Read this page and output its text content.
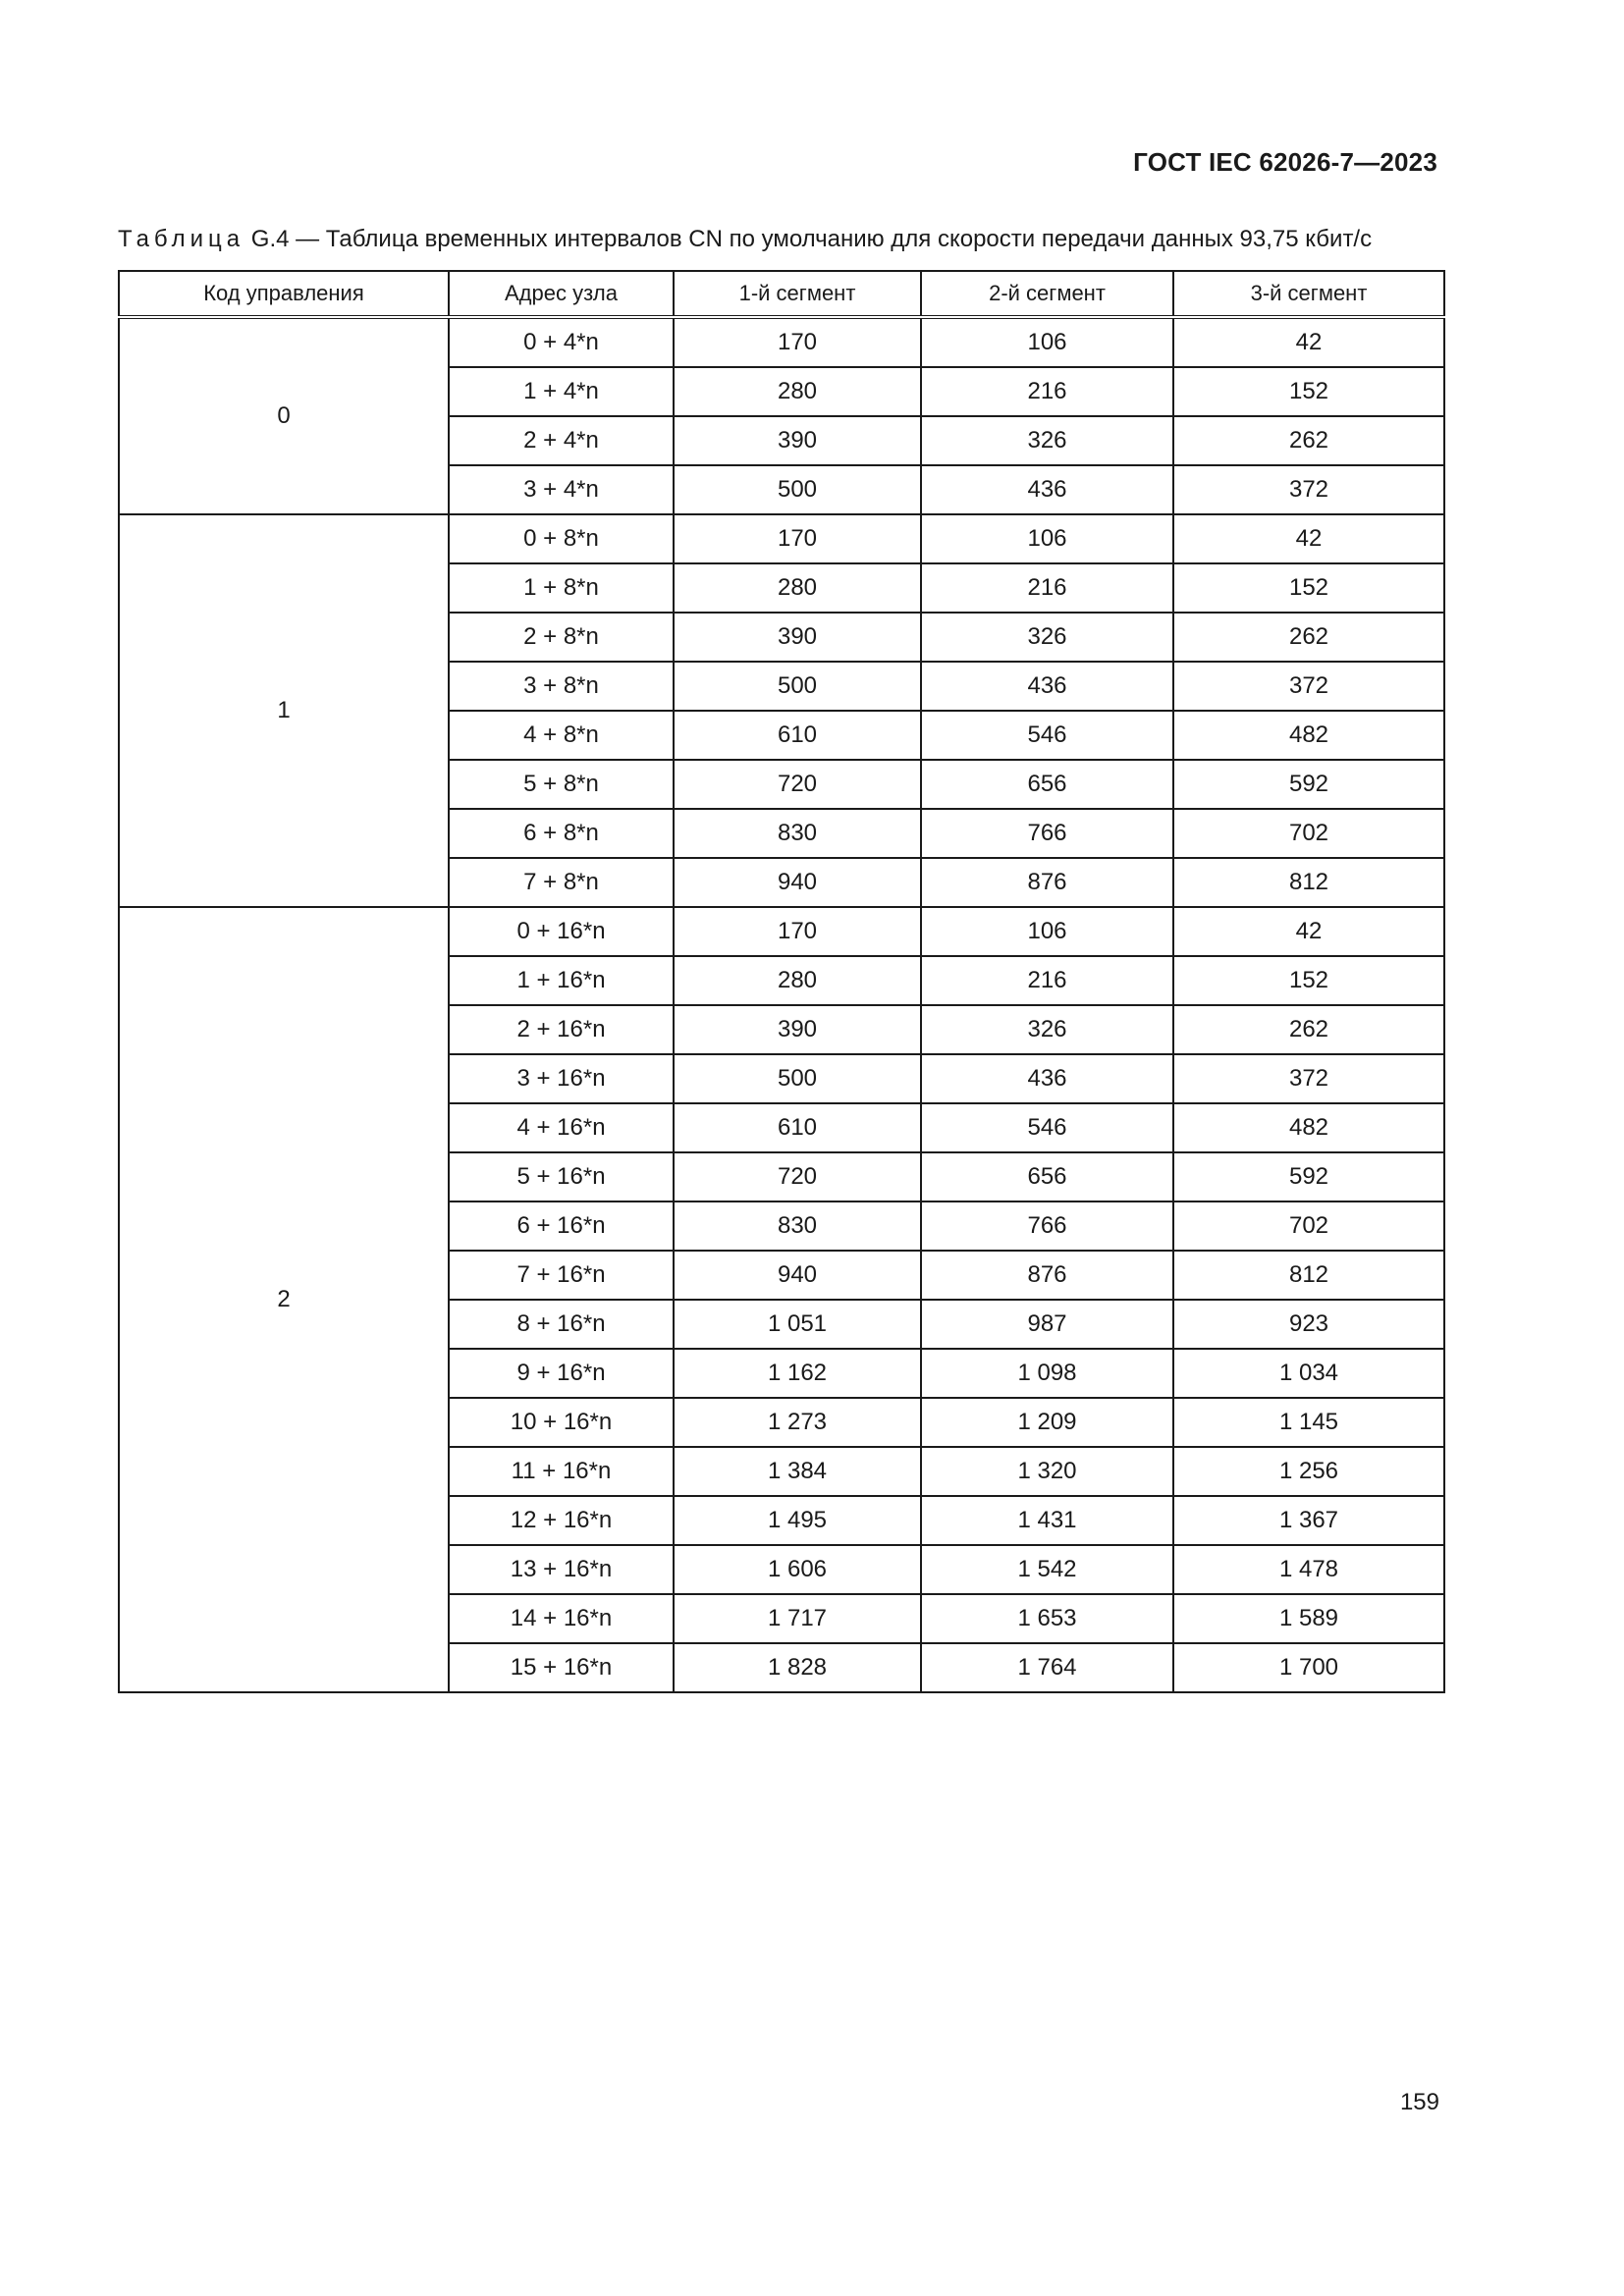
ГОСТ IEC 62026-7—2023
Таблица G.4 — Таблица временных интервалов CN по умолчанию для скорости передачи данных 93,75 кбит/с
Код управления	Адрес узла	1-й сегмент	2-й сегмент	3-й сегмент
0	0 + 4*n	170	106	42
	1 + 4*n	280	216	152
	2 + 4*n	390	326	262
	3 + 4*n	500	436	372
1	0 + 8*n	170	106	42
	1 + 8*n	280	216	152
	2 + 8*n	390	326	262
	3 + 8*n	500	436	372
	4 + 8*n	610	546	482
	5 + 8*n	720	656	592
	6 + 8*n	830	766	702
	7 + 8*n	940	876	812
2	0 + 16*n	170	106	42
	1 + 16*n	280	216	152
	2 + 16*n	390	326	262
	3 + 16*n	500	436	372
	4 + 16*n	610	546	482
	5 + 16*n	720	656	592
	6 + 16*n	830	766	702
	7 + 16*n	940	876	812
	8 + 16*n	1 051	987	923
	9 + 16*n	1 162	1 098	1 034
	10 + 16*n	1 273	1 209	1 145
	11 + 16*n	1 384	1 320	1 256
	12 + 16*n	1 495	1 431	1 367
	13 + 16*n	1 606	1 542	1 478
	14 + 16*n	1 717	1 653	1 589
	15 + 16*n	1 828	1 764	1 700
159
